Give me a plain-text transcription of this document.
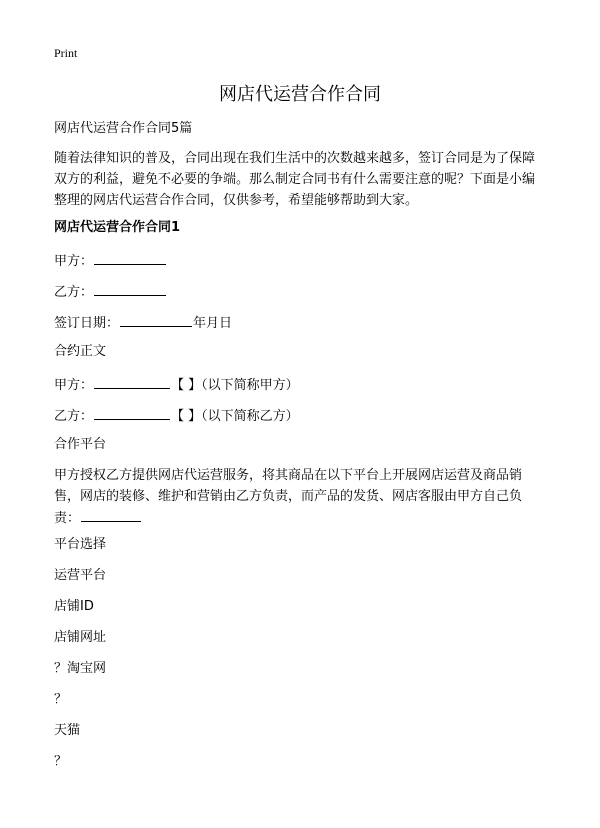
Print
网店代运营合作合同
网店代运营合作合同5篇
随着法律知识的普及，合同出现在我们生活中的次数越来越多，签订合同是为了保障双方的利益，避免不必要的争端。那么制定合同书有什么需要注意的呢？下面是小编整理的网店代运营合作合同，仅供参考，希望能够帮助到大家。
网店代运营合作合同1
甲方：
乙方：
签订日期：	年月日
合约正文
甲方：	【 】（以下简称甲方）
乙方：	【 】（以下简称乙方）
合作平台
甲方授权乙方提供网店代运营服务，将其商品在以下平台上开展网店运营及商品销售，网店的装修、维护和营销由乙方负责，而产品的发货、网店客服由甲方自己负责：
平台选择
运营平台
店铺ID
店铺网址
？淘宝网
？
天猫
？
